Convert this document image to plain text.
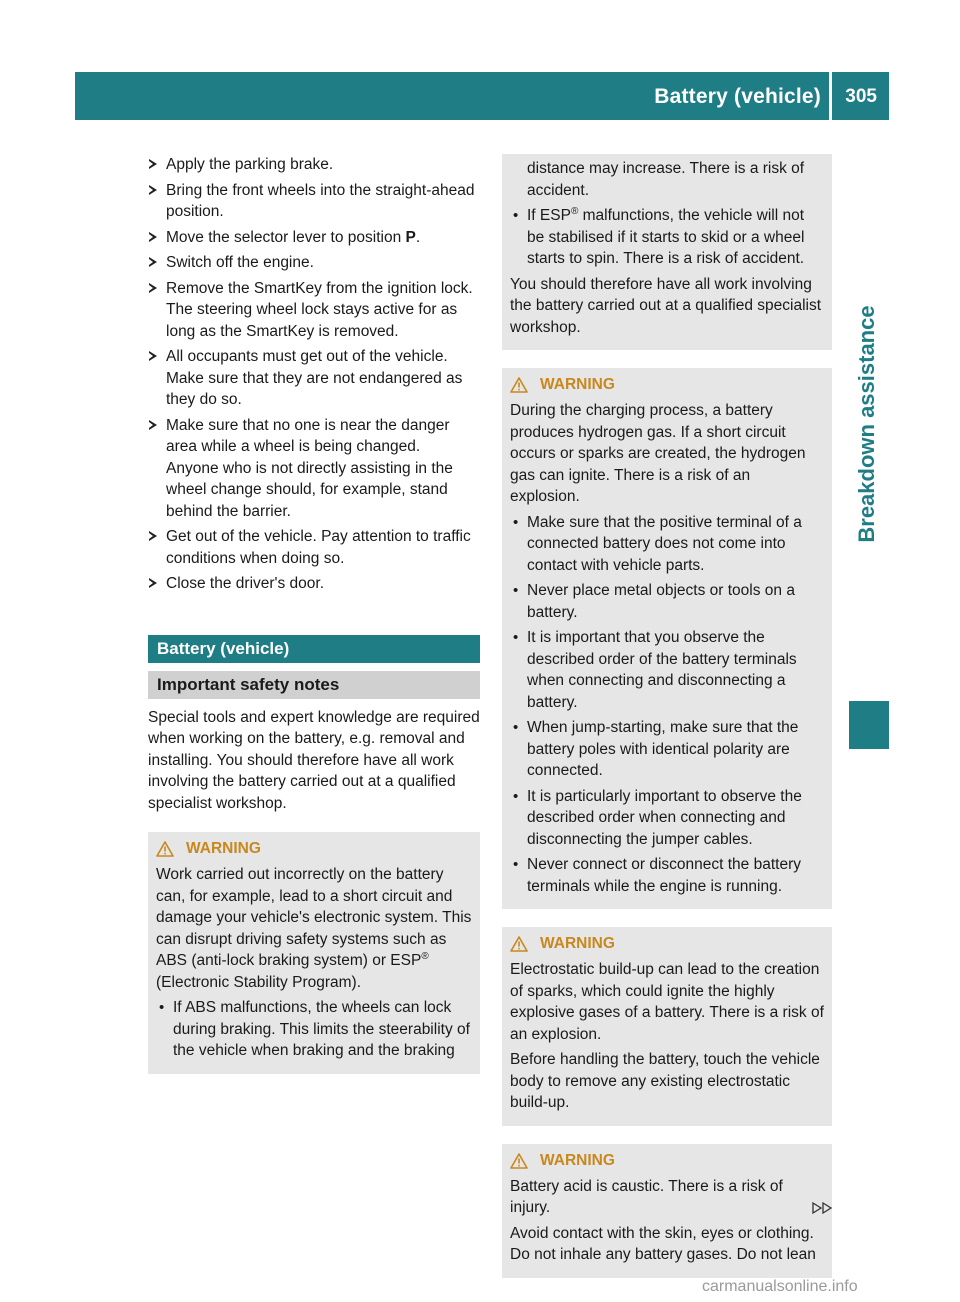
Battery (vehicle) 305
Breakdown assistance
Apply the parking brake.
Bring the front wheels into the straight-ahead position.
Move the selector lever to position P.
Switch off the engine.
Remove the SmartKey from the ignition lock.
The steering wheel lock stays active for as long as the SmartKey is removed.
All occupants must get out of the vehicle.
Make sure that they are not endangered as they do so.
Make sure that no one is near the danger area while a wheel is being changed.
Anyone who is not directly assisting in the wheel change should, for example, stand behind the barrier.
Get out of the vehicle. Pay attention to traffic conditions when doing so.
Close the driver's door.
Battery (vehicle)
Important safety notes

Special tools and expert knowledge are required when working on the battery, e.g. removal and installing. You should therefore have all work involving the battery carried out at a qualified specialist workshop.

WARNING

Work carried out incorrectly on the battery can, for example, lead to a short circuit and damage your vehicle's electronic system. This can disrupt driving safety systems such as ABS (anti-lock braking system) or ESP® (Electronic Stability Program).

• If ABS malfunctions, the wheels can lock during braking. This limits the steerability of the vehicle when braking and the braking
distance may increase. There is a risk of accident.
• If ESP® malfunctions, the vehicle will not be stabilised if it starts to skid or a wheel starts to spin. There is a risk of accident.

You should therefore have all work involving the battery carried out at a qualified specialist workshop.

WARNING

During the charging process, a battery produces hydrogen gas. If a short circuit occurs or sparks are created, the hydrogen gas can ignite. There is a risk of an explosion.

• Make sure that the positive terminal of a connected battery does not come into contact with vehicle parts.
• Never place metal objects or tools on a battery.
• It is important that you observe the described order of the battery terminals when connecting and disconnecting a battery.
• When jump-starting, make sure that the battery poles with identical polarity are connected.
• It is particularly important to observe the described order when connecting and disconnecting the jumper cables.
• Never connect or disconnect the battery terminals while the engine is running.
WARNING

Electrostatic build-up can lead to the creation of sparks, which could ignite the highly explosive gases of a battery. There is a risk of an explosion.

Before handling the battery, touch the vehicle body to remove any existing electrostatic build-up.

WARNING

Battery acid is caustic. There is a risk of injury.

Avoid contact with the skin, eyes or clothing. Do not inhale any battery gases. Do not lean

carmanualsonline.info
